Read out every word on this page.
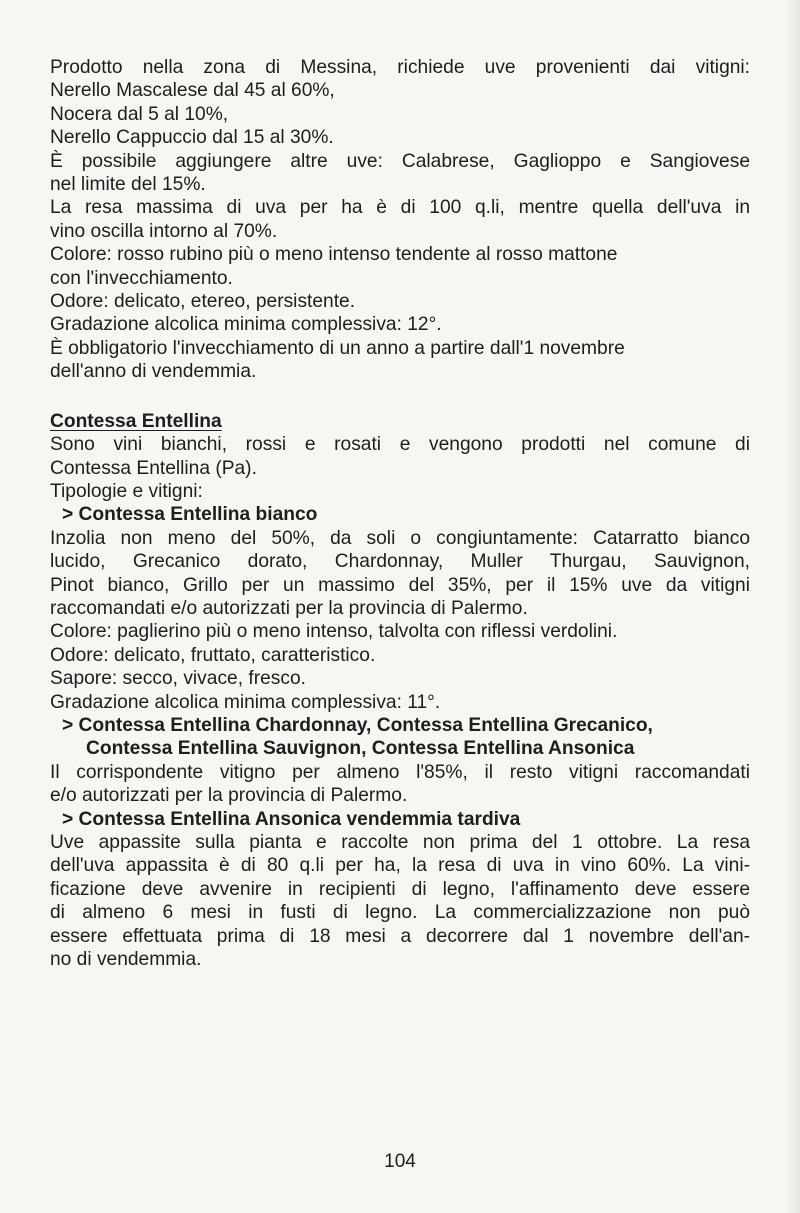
Prodotto nella zona di Messina, richiede uve provenienti dai vitigni:
Nerello Mascalese dal 45 al 60%,
Nocera dal 5 al 10%,
Nerello Cappuccio dal 15 al 30%.
È possibile aggiungere altre uve: Calabrese, Gaglioppo e Sangiovese
nel limite del 15%.
La resa massima di uva per ha è di 100 q.li, mentre quella dell'uva in
vino oscilla intorno al 70%.
Colore: rosso rubino più o meno intenso tendente al rosso mattone
con l'invecchiamento.
Odore: delicato, etereo, persistente.
Gradazione alcolica minima complessiva: 12°.
È obbligatorio l'invecchiamento di un anno a partire dall'1 novembre
dell'anno di vendemmia.
Contessa Entellina
Sono vini bianchi, rossi e rosati e vengono prodotti nel comune di
Contessa Entellina (Pa).
Tipologie e vitigni:
> Contessa Entellina bianco
Inzolia non meno del 50%, da soli o congiuntamente: Catarratto bianco
lucido, Grecanico dorato, Chardonnay, Muller Thurgau, Sauvignon,
Pinot bianco, Grillo per un massimo del 35%, per il 15% uve da vitigni
raccomandati e/o autorizzati per la provincia di Palermo.
Colore: paglierino più o meno intenso, talvolta con riflessi verdolini.
Odore: delicato, fruttato, caratteristico.
Sapore: secco, vivace, fresco.
Gradazione alcolica minima complessiva: 11°.
> Contessa Entellina Chardonnay, Contessa Entellina Grecanico,
Contessa Entellina Sauvignon, Contessa Entellina Ansonica
Il corrispondente vitigno per almeno l'85%, il resto vitigni raccomandati
e/o autorizzati per la provincia di Palermo.
> Contessa Entellina Ansonica vendemmia tardiva
Uve appassite sulla pianta e raccolte non prima del 1 ottobre. La resa
dell'uva appassita è di 80 q.li per ha, la resa di uva in vino 60%. La vini-
ficazione deve avvenire in recipienti di legno, l'affinamento deve essere
di almeno 6 mesi in fusti di legno. La commercializzazione non può
essere effettuata prima di 18 mesi a decorrere dal 1 novembre dell'an-
no di vendemmia.
104
